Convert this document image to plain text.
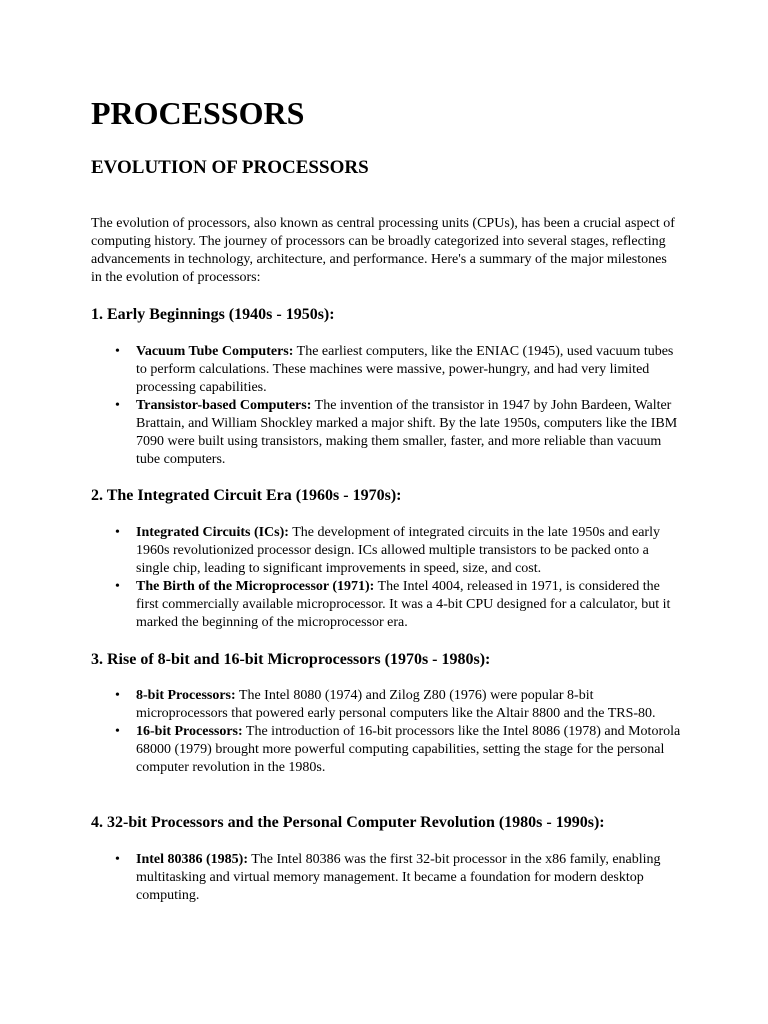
PROCESSORS
EVOLUTION OF PROCESSORS

The evolution of processors, also known as central processing units (CPUs), has been a crucial aspect of computing history. The journey of processors can be broadly categorized into several stages, reflecting advancements in technology, architecture, and performance. Here's a summary of the major milestones in the evolution of processors:

1. Early Beginnings (1940s - 1950s):
• Vacuum Tube Computers: The earliest computers, like the ENIAC (1945), used vacuum tubes to perform calculations. These machines were massive, power-hungry, and had very limited processing capabilities.
• Transistor-based Computers: The invention of the transistor in 1947 by John Bardeen, Walter Brattain, and William Shockley marked a major shift. By the late 1950s, computers like the IBM 7090 were built using transistors, making them smaller, faster, and more reliable than vacuum tube computers.
2. The Integrated Circuit Era (1960s - 1970s):
• Integrated Circuits (ICs): The development of integrated circuits in the late 1950s and early 1960s revolutionized processor design. ICs allowed multiple transistors to be packed onto a single chip, leading to significant improvements in speed, size, and cost.
• The Birth of the Microprocessor (1971): The Intel 4004, released in 1971, is considered the first commercially available microprocessor. It was a 4-bit CPU designed for a calculator, but it marked the beginning of the microprocessor era.
3. Rise of 8-bit and 16-bit Microprocessors (1970s - 1980s):
• 8-bit Processors: The Intel 8080 (1974) and Zilog Z80 (1976) were popular 8-bit microprocessors that powered early personal computers like the Altair 8800 and the TRS-80.
• 16-bit Processors: The introduction of 16-bit processors like the Intel 8086 (1978) and Motorola 68000 (1979) brought more powerful computing capabilities, setting the stage for the personal computer revolution in the 1980s.
4. 32-bit Processors and the Personal Computer Revolution (1980s - 1990s):
• Intel 80386 (1985): The Intel 80386 was the first 32-bit processor in the x86 family, enabling multitasking and virtual memory management. It became a foundation for modern desktop computing.
